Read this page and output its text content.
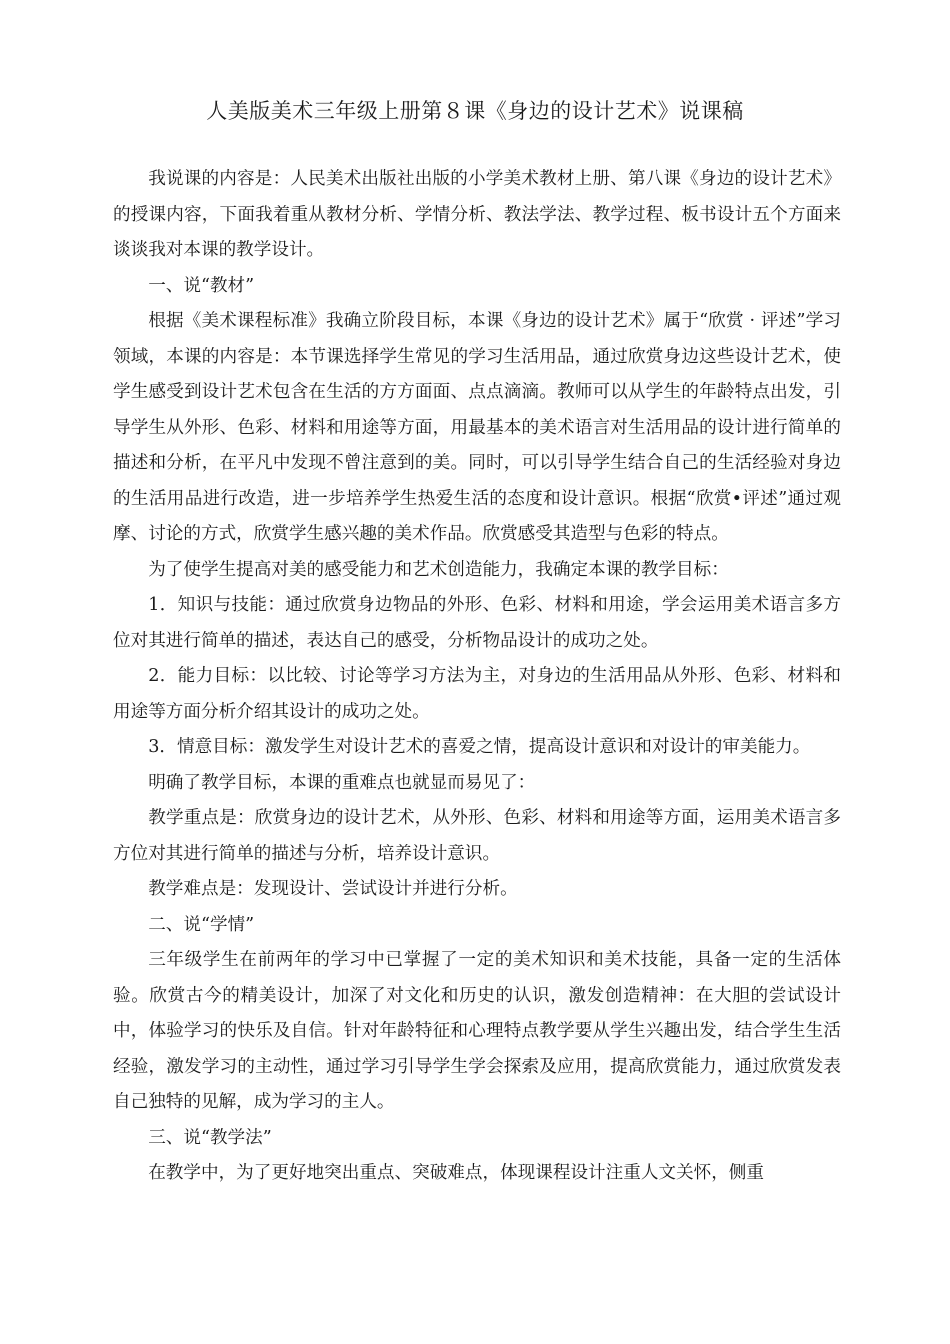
人美版美术三年级上册第８课《身边的设计艺术》说课稿

我说课的内容是：人民美术出版社出版的小学美术教材上册、第八课《身边的设计艺术》的授课内容，下面我着重从教材分析、学情分析、教法学法、教学过程、板书设计五个方面来谈谈我对本课的教学设计。

一、说“教材”

根据《美术课程标准》我确立阶段目标，本课《身边的设计艺术》属于“欣赏 · 评述”学习领域，本课的内容是：本节课选择学生常见的学习生活用品，通过欣赏身边这些设计艺术，使学生感受到设计艺术包含在生活的方方面面、点点滴滴。教师可以从学生的年龄特点出发，引导学生从外形、色彩、材料和用途等方面，用最基本的美术语言对生活用品的设计进行简单的描述和分析，在平凡中发现不曾注意到的美。同时，可以引导学生结合自己的生活经验对身边的生活用品进行改造，进一步培养学生热爱生活的态度和设计意识。根据“欣赏•评述”通过观摩、讨论的方式，欣赏学生感兴趣的美术作品。欣赏感受其造型与色彩的特点。

为了使学生提高对美的感受能力和艺术创造能力，我确定本课的教学目标：

1．知识与技能：通过欣赏身边物品的外形、色彩、材料和用途，学会运用美术语言多方位对其进行简单的描述，表达自己的感受，分析物品设计的成功之处。

2．能力目标：以比较、讨论等学习方法为主，对身边的生活用品从外形、色彩、材料和用途等方面分析介绍其设计的成功之处。

3．情意目标：激发学生对设计艺术的喜爱之情，提高设计意识和对设计的审美能力。

明确了教学目标，本课的重难点也就显而易见了：

教学重点是：欣赏身边的设计艺术，从外形、色彩、材料和用途等方面，运用美术语言多方位对其进行简单的描述与分析，培养设计意识。

教学难点是：发现设计、尝试设计并进行分析。

二、说“学情”

三年级学生在前两年的学习中已掌握了一定的美术知识和美术技能，具备一定的生活体验。欣赏古今的精美设计，加深了对文化和历史的认识，激发创造精神：在大胆的尝试设计中，体验学习的快乐及自信。针对年龄特征和心理特点教学要从学生兴趣出发，结合学生生活经验，激发学习的主动性，通过学习引导学生学会探索及应用，提高欣赏能力，通过欣赏发表自己独特的见解，成为学习的主人。

三、说“教学法”

在教学中，为了更好地突出重点、突破难点，体现课程设计注重人文关怀，侧重
